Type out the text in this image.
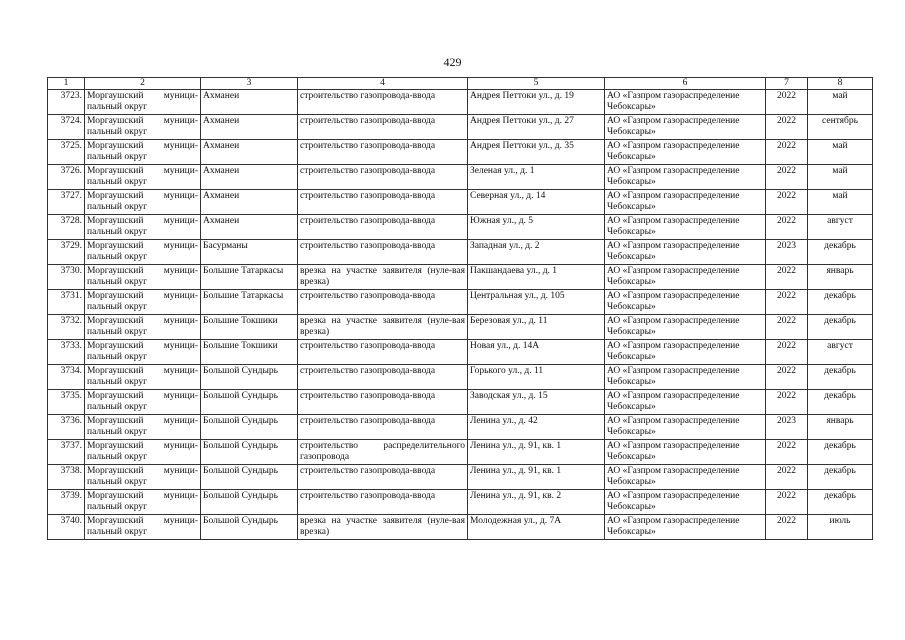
429
1	2	3	4	5	6	7	8
3723.	Моргаушский муници-пальный округ	Ахманеи	строительство газопровода-ввода	Андрея Петтоки ул., д. 19	АО «Газпром газораспределение Чебоксары»	2022	май
3724.	Моргаушский муници-пальный округ	Ахманеи	строительство газопровода-ввода	Андрея Петтоки ул., д. 27	АО «Газпром газораспределение Чебоксары»	2022	сентябрь
3725.	Моргаушский муници-пальный округ	Ахманеи	строительство газопровода-ввода	Андрея Петтоки ул., д. 35	АО «Газпром газораспределение Чебоксары»	2022	май
3726.	Моргаушский муници-пальный округ	Ахманеи	строительство газопровода-ввода	Зеленая ул., д. 1	АО «Газпром газораспределение Чебоксары»	2022	май
3727.	Моргаушский муници-пальный округ	Ахманеи	строительство газопровода-ввода	Северная ул., д. 14	АО «Газпром газораспределение Чебоксары»	2022	май
3728.	Моргаушский муници-пальный округ	Ахманеи	строительство газопровода-ввода	Южная ул., д. 5	АО «Газпром газораспределение Чебоксары»	2022	август
3729.	Моргаушский муници-пальный округ	Басурманы	строительство газопровода-ввода	Западная ул., д. 2	АО «Газпром газораспределение Чебоксары»	2023	декабрь
3730.	Моргаушский муници-пальный округ	Большие Татаркасы	врезка на участке заявителя (нуле-вая врезка)	Пакшандаева ул., д. 1	АО «Газпром газораспределение Чебоксары»	2022	январь
3731.	Моргаушский муници-пальный округ	Большие Татаркасы	строительство газопровода-ввода	Центральная ул., д. 105	АО «Газпром газораспределение Чебоксары»	2022	декабрь
3732.	Моргаушский муници-пальный округ	Большие Токшики	врезка на участке заявителя (нуле-вая врезка)	Березовая ул., д. 11	АО «Газпром газораспределение Чебоксары»	2022	декабрь
3733.	Моргаушский муници-пальный округ	Большие Токшики	строительство газопровода-ввода	Новая ул., д. 14А	АО «Газпром газораспределение Чебоксары»	2022	август
3734.	Моргаушский муници-пальный округ	Большой Сундырь	строительство газопровода-ввода	Горького ул., д. 11	АО «Газпром газораспределение Чебоксары»	2022	декабрь
3735.	Моргаушский муници-пальный округ	Большой Сундырь	строительство газопровода-ввода	Заводская ул., д. 15	АО «Газпром газораспределение Чебоксары»	2022	декабрь
3736.	Моргаушский муници-пальный округ	Большой Сундырь	строительство газопровода-ввода	Ленина ул., д. 42	АО «Газпром газораспределение Чебоксары»	2023	январь
3737.	Моргаушский муници-пальный округ	Большой Сундырь	строительство распределительного газопровода	Ленина ул., д. 91, кв. 1	АО «Газпром газораспределение Чебоксары»	2022	декабрь
3738.	Моргаушский муници-пальный округ	Большой Сундырь	строительство газопровода-ввода	Ленина ул., д. 91, кв. 1	АО «Газпром газораспределение Чебоксары»	2022	декабрь
3739.	Моргаушский муници-пальный округ	Большой Сундырь	строительство газопровода-ввода	Ленина ул., д. 91, кв. 2	АО «Газпром газораспределение Чебоксары»	2022	декабрь
3740.	Моргаушский муници-пальный округ	Большой Сундырь	врезка на участке заявителя (нуле-вая врезка)	Молодежная ул., д. 7А	АО «Газпром газораспределение Чебоксары»	2022	июль
